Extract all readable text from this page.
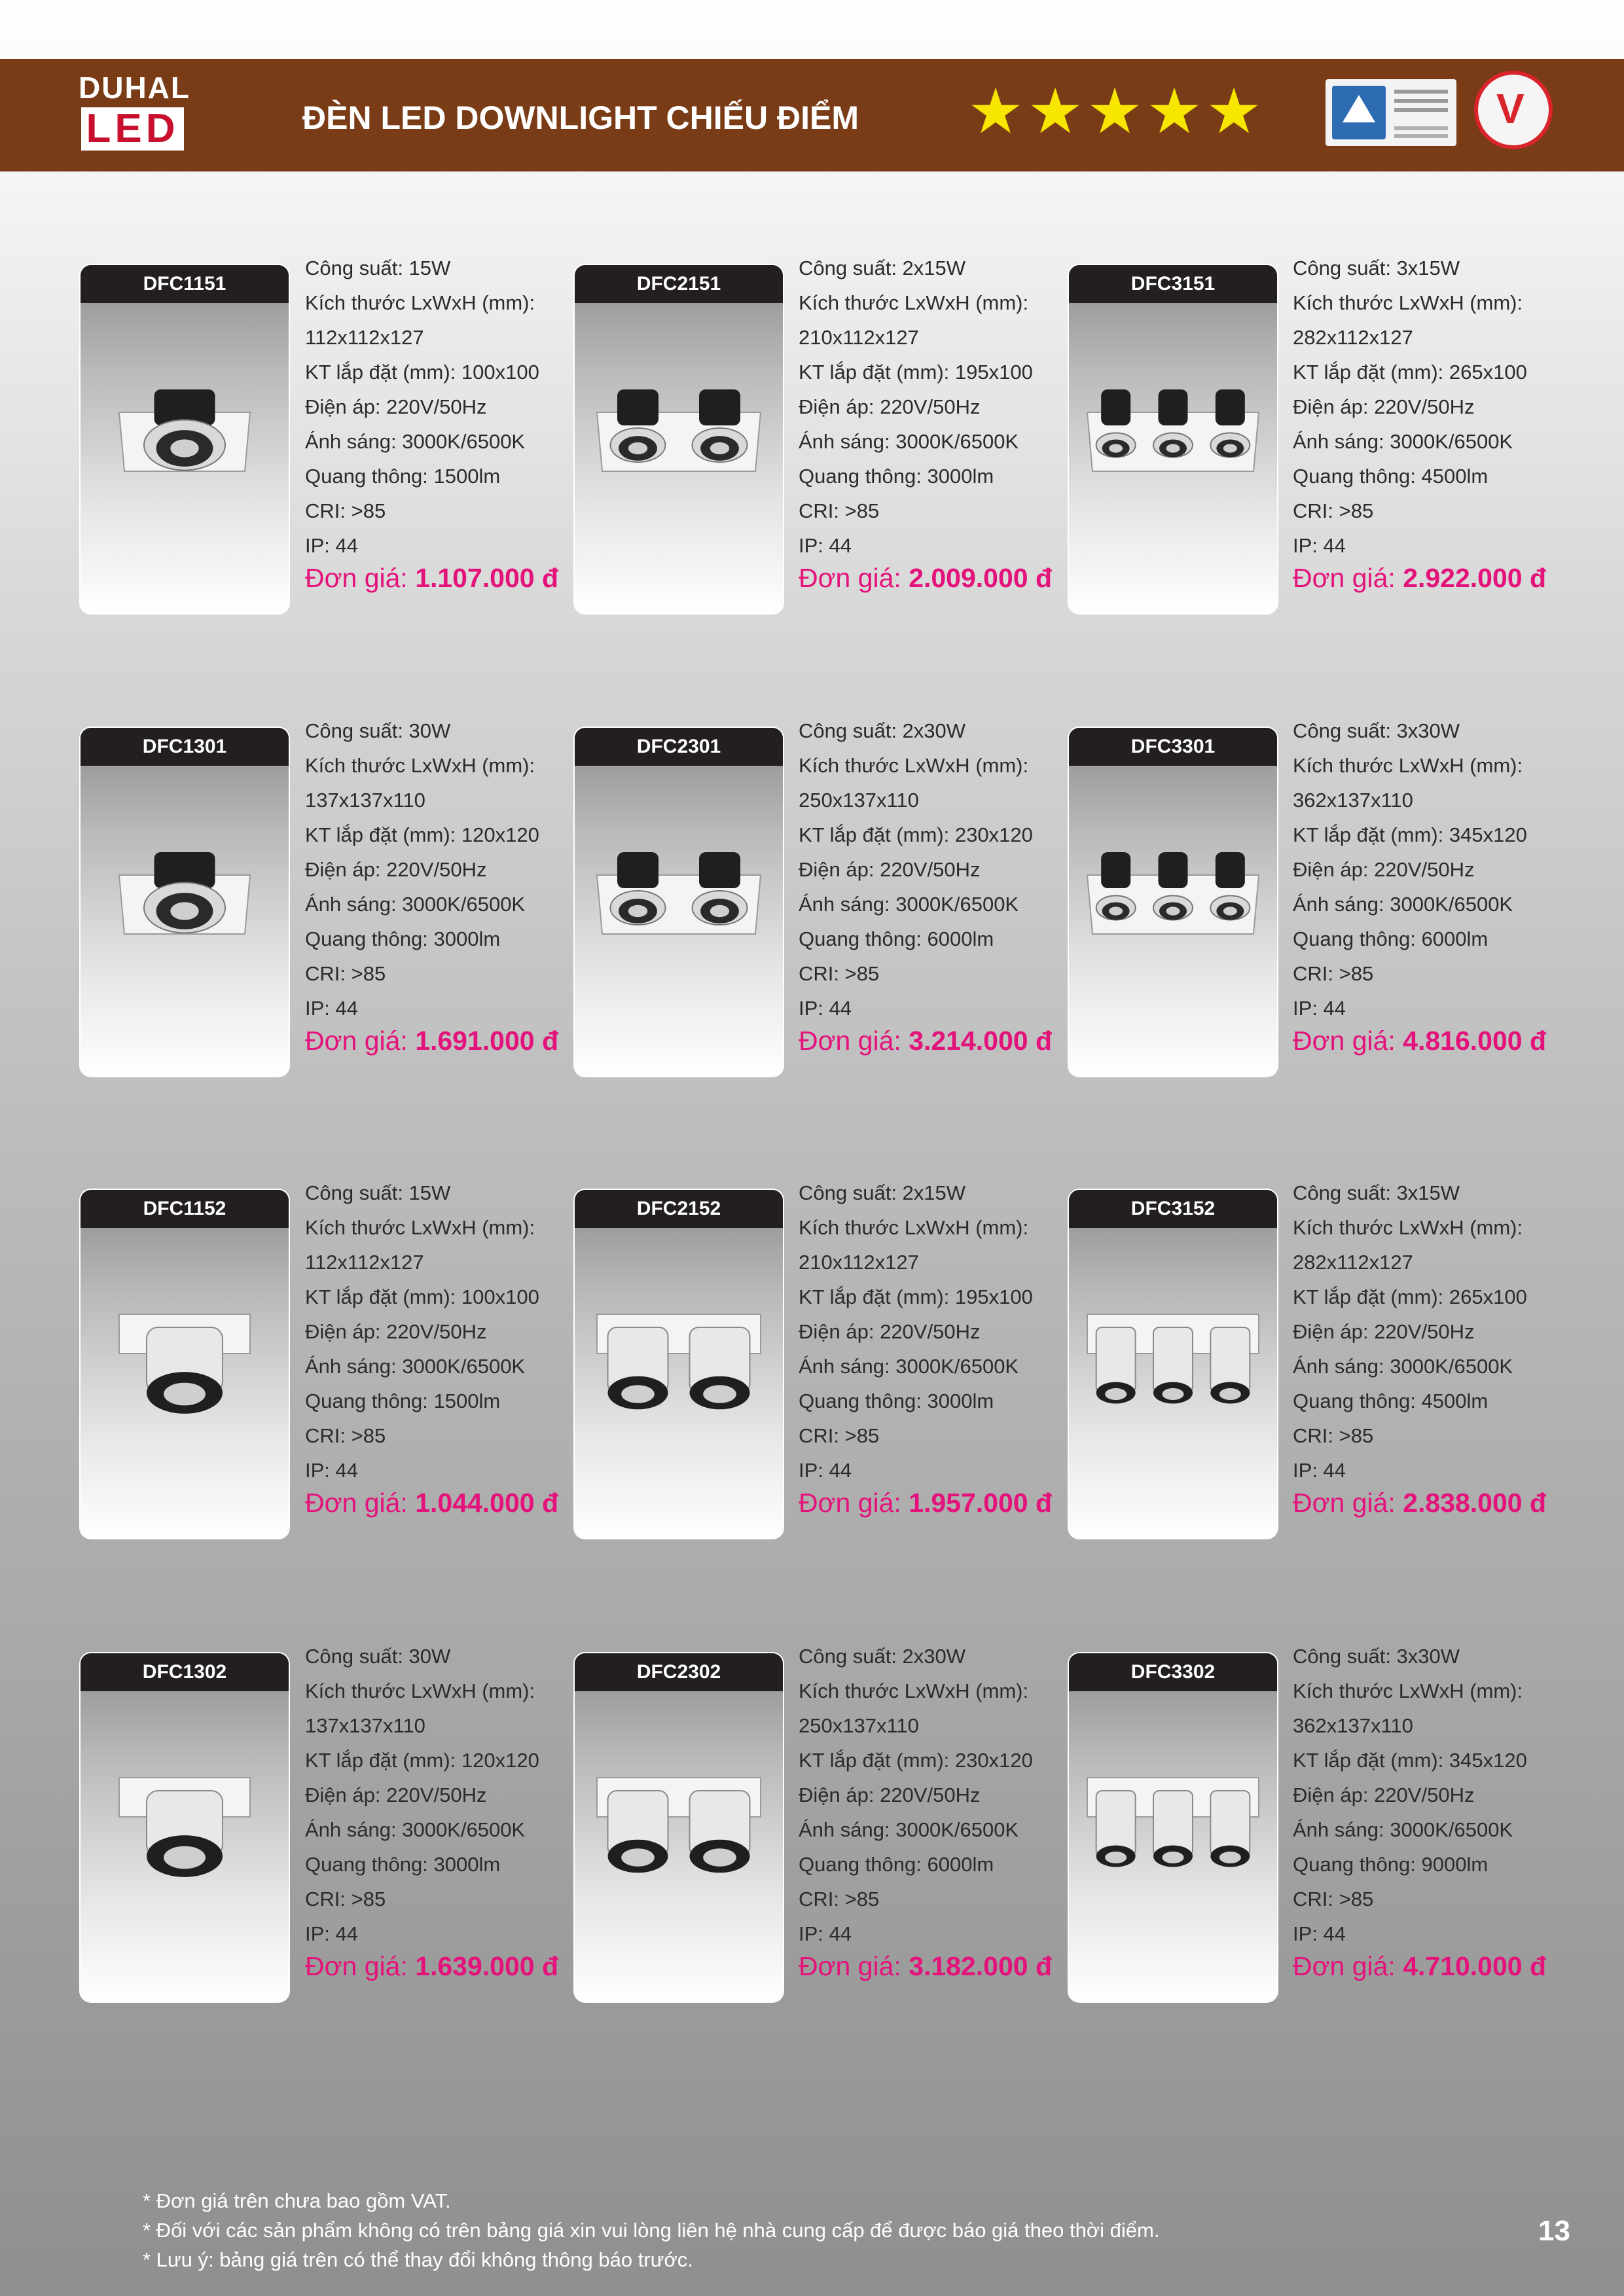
DUHAL
LED	ĐÈN LED DOWNLIGHT CHIẾU ĐIỂM ★ ★ ★ ★ ★	V
DFC1151
Công suất: 15W
Kích thước LxWxH (mm):
112x112x127
KT lắp đặt (mm): 100x100
Điện áp: 220V/50Hz
Ánh sáng: 3000K/6500K
Quang thông: 1500lm
CRI: >85
IP: 44
Đơn giá: 1.107.000 đ
DFC2151
Công suất: 2x15W
Kích thước LxWxH (mm):
210x112x127
KT lắp đặt (mm): 195x100
Điện áp: 220V/50Hz
Ánh sáng: 3000K/6500K
Quang thông: 3000lm
CRI: >85
IP: 44
Đơn giá: 2.009.000 đ
DFC3151
Công suất: 3x15W
Kích thước LxWxH (mm):
282x112x127
KT lắp đặt (mm): 265x100
Điện áp: 220V/50Hz
Ánh sáng: 3000K/6500K
Quang thông: 4500lm
CRI: >85
IP: 44
Đơn giá: 2.922.000 đ
DFC1301
Công suất: 30W
Kích thước LxWxH (mm):
137x137x110
KT lắp đặt (mm): 120x120
Điện áp: 220V/50Hz
Ánh sáng: 3000K/6500K
Quang thông: 3000lm
CRI: >85
IP: 44
Đơn giá: 1.691.000 đ
DFC2301
Công suất: 2x30W
Kích thước LxWxH (mm):
250x137x110
KT lắp đặt (mm): 230x120
Điện áp: 220V/50Hz
Ánh sáng: 3000K/6500K
Quang thông: 6000lm
CRI: >85
IP: 44
Đơn giá: 3.214.000 đ
DFC3301
Công suất: 3x30W
Kích thước LxWxH (mm):
362x137x110
KT lắp đặt (mm): 345x120
Điện áp: 220V/50Hz
Ánh sáng: 3000K/6500K
Quang thông: 6000lm
CRI: >85
IP: 44
Đơn giá: 4.816.000 đ
DFC1152
Công suất: 15W
Kích thước LxWxH (mm):
112x112x127
KT lắp đặt (mm): 100x100
Điện áp: 220V/50Hz
Ánh sáng: 3000K/6500K
Quang thông: 1500lm
CRI: >85
IP: 44
Đơn giá: 1.044.000 đ
DFC2152
Công suất: 2x15W
Kích thước LxWxH (mm):
210x112x127
KT lắp đặt (mm): 195x100
Điện áp: 220V/50Hz
Ánh sáng: 3000K/6500K
Quang thông: 3000lm
CRI: >85
IP: 44
Đơn giá: 1.957.000 đ
DFC3152
Công suất: 3x15W
Kích thước LxWxH (mm):
282x112x127
KT lắp đặt (mm): 265x100
Điện áp: 220V/50Hz
Ánh sáng: 3000K/6500K
Quang thông: 4500lm
CRI: >85
IP: 44
Đơn giá: 2.838.000 đ
DFC1302
Công suất: 30W
Kích thước LxWxH (mm):
137x137x110
KT lắp đặt (mm): 120x120
Điện áp: 220V/50Hz
Ánh sáng: 3000K/6500K
Quang thông: 3000lm
CRI: >85
IP: 44
Đơn giá: 1.639.000 đ
DFC2302
Công suất: 2x30W
Kích thước LxWxH (mm):
250x137x110
KT lắp đặt (mm): 230x120
Điện áp: 220V/50Hz
Ánh sáng: 3000K/6500K
Quang thông: 6000lm
CRI: >85
IP: 44
Đơn giá: 3.182.000 đ
DFC3302
Công suất: 3x30W
Kích thước LxWxH (mm):
362x137x110
KT lắp đặt (mm): 345x120
Điện áp: 220V/50Hz
Ánh sáng: 3000K/6500K
Quang thông: 9000lm
CRI: >85
IP: 44
Đơn giá: 4.710.000 đ
* Đơn giá trên chưa bao gồm VAT.
* Đối với các sản phẩm không có trên bảng giá xin vui lòng liên hệ nhà cung cấp để được báo giá theo thời điểm.
* Lưu ý: bảng giá trên có thể thay đổi không thông báo trước.
13
